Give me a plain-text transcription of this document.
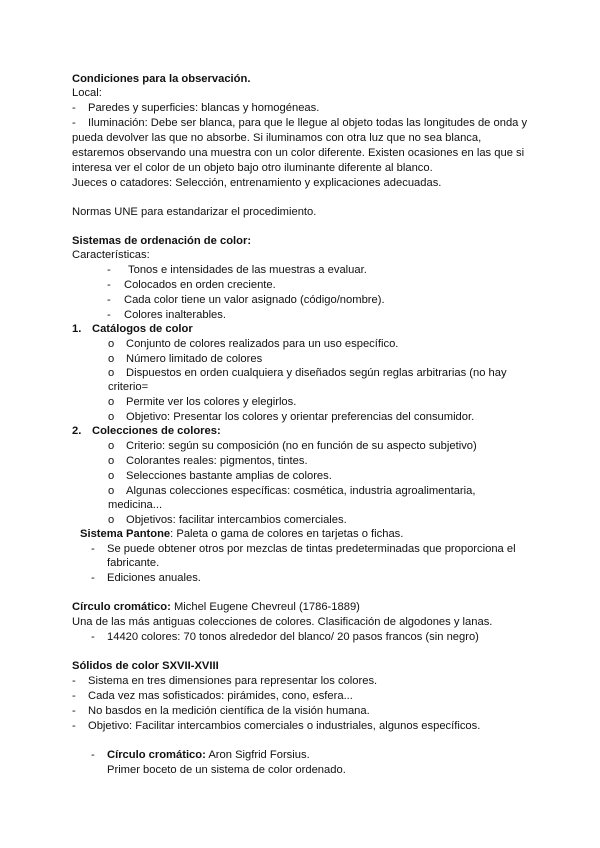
Condiciones para la observación.
Local:
- Paredes y superficies: blancas y homogéneas.
- Iluminación: Debe ser blanca, para que le llegue al objeto todas las longitudes de onda y
pueda devolver las que no absorbe. Si iluminamos con otra luz que no sea blanca,
estaremos observando una muestra con un color diferente. Existen ocasiones en las que si
interesa ver el color de un objeto bajo otro iluminante diferente al blanco.
Jueces o catadores: Selección, entrenamiento y explicaciones adecuadas.
Normas UNE para estandarizar el procedimiento.
Sistemas de ordenación de color:
Características:
- Tonos e intensidades de las muestras a evaluar.
- Colocados en orden creciente.
- Cada color tiene un valor asignado (código/nombre).
- Colores inalterables.
1. Catálogos de color
o Conjunto de colores realizados para un uso específico.
o Número limitado de colores
o Dispuestos en orden cualquiera y diseñados según reglas arbitrarias (no hay
criterio=
o Permite ver los colores y elegirlos.
o Objetivo: Presentar los colores y orientar preferencias del consumidor.
2. Colecciones de colores:
o Criterio: según su composición (no en función de su aspecto subjetivo)
o Colorantes reales: pigmentos, tintes.
o Selecciones bastante amplias de colores.
o Algunas colecciones específicas: cosmética, industria agroalimentaria,
medicina...
o Objetivos: facilitar intercambios comerciales.
Sistema Pantone: Paleta o gama de colores en tarjetas o fichas.
- Se puede obtener otros por mezclas de tintas predeterminadas que proporciona el
fabricante.
- Ediciones anuales.
Círculo cromático: Michel Eugene Chevreul (1786-1889)
Una de las más antiguas colecciones de colores. Clasificación de algodones y lanas.
- 14420 colores: 70 tonos alrededor del blanco/ 20 pasos francos (sin negro)
Sólidos de color SXVII-XVIII
- Sistema en tres dimensiones para representar los colores.
- Cada vez mas sofisticados: pirámides, cono, esfera...
- No basdos en la medición científica de la visión humana.
- Objetivo: Facilitar intercambios comerciales o industriales, algunos específicos.
- Círculo cromático: Aron Sigfrid Forsius.
Primer boceto de un sistema de color ordenado.
